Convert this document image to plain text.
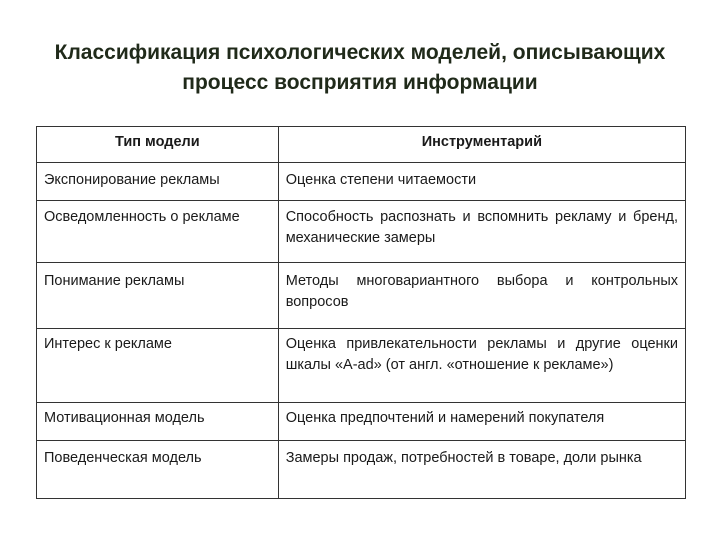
Классификация психологических моделей, описывающих
процесс восприятия информации
Тип модели	Инструментарий
Экспонирование рекламы	Оценка степени читаемости
Осведомленность о рекламе	Способность распознать и вспомнить рекламу и бренд, механические замеры
Понимание рекламы	Методы многовариантного выбора и контрольных вопросов
Интерес к рекламе	Оценка привлекательности рекламы и другие оценки шкалы «A-ad» (от англ. «отношение к рекламе»)
Мотивационная модель	Оценка предпочтений и намерений покупателя
Поведенческая модель	Замеры продаж, потребностей в товаре, доли рынка
